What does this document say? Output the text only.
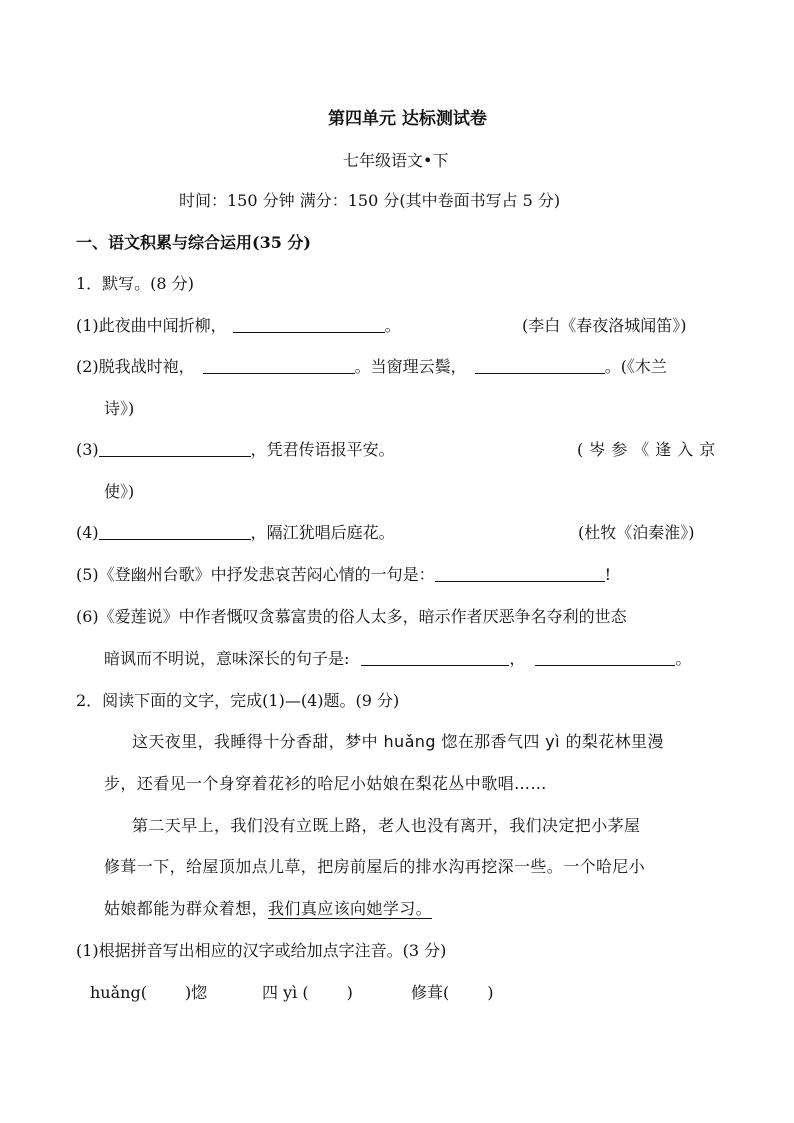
第四单元 达标测试卷
七年级语文•下
时间：150 分钟 满分：150 分(其中卷面书写占 5 分)
一、语文积累与综合运用(35 分)
1．默写。(8 分)
(1)此夜曲中闻折柳，	。	(李白《春夜洛城闻笛》)
(2)脱我战时袍，	。当窗理云鬓，	。(《木兰
诗》)
(3)	，凭君传语报平安。	(岑参《逢入京
使》)
(4)	，隔江犹唱后庭花。	(杜牧《泊秦淮》)
(5)《登幽州台歌》中抒发悲哀苦闷心情的一句是：	!
(6)《爱莲说》中作者慨叹贪慕富贵的俗人太多，暗示作者厌恶争名夺利的世态
暗讽而不明说，意味深长的句子是:	，	。
2．阅读下面的文字，完成(1)—(4)题。(9 分)
这天夜里，我睡得十分香甜，梦中 huǎng 惚在那香气四 yì 的梨花林里漫
步，还看见一个身穿着花衫的哈尼小姑娘在梨花丛中歌唱……
第二天早上，我们没有立既上路，老人也没有离开，我们决定把小茅屋
修葺一下，给屋顶加点儿草，把房前屋后的排水沟再挖深一些。一个哈尼小
姑娘都能为群众着想，我们真应该向她学习。
(1)根据拼音写出相应的汉字或给加点字注音。(3 分)
huǎng( )惚	四 yì ( )	修葺( )
